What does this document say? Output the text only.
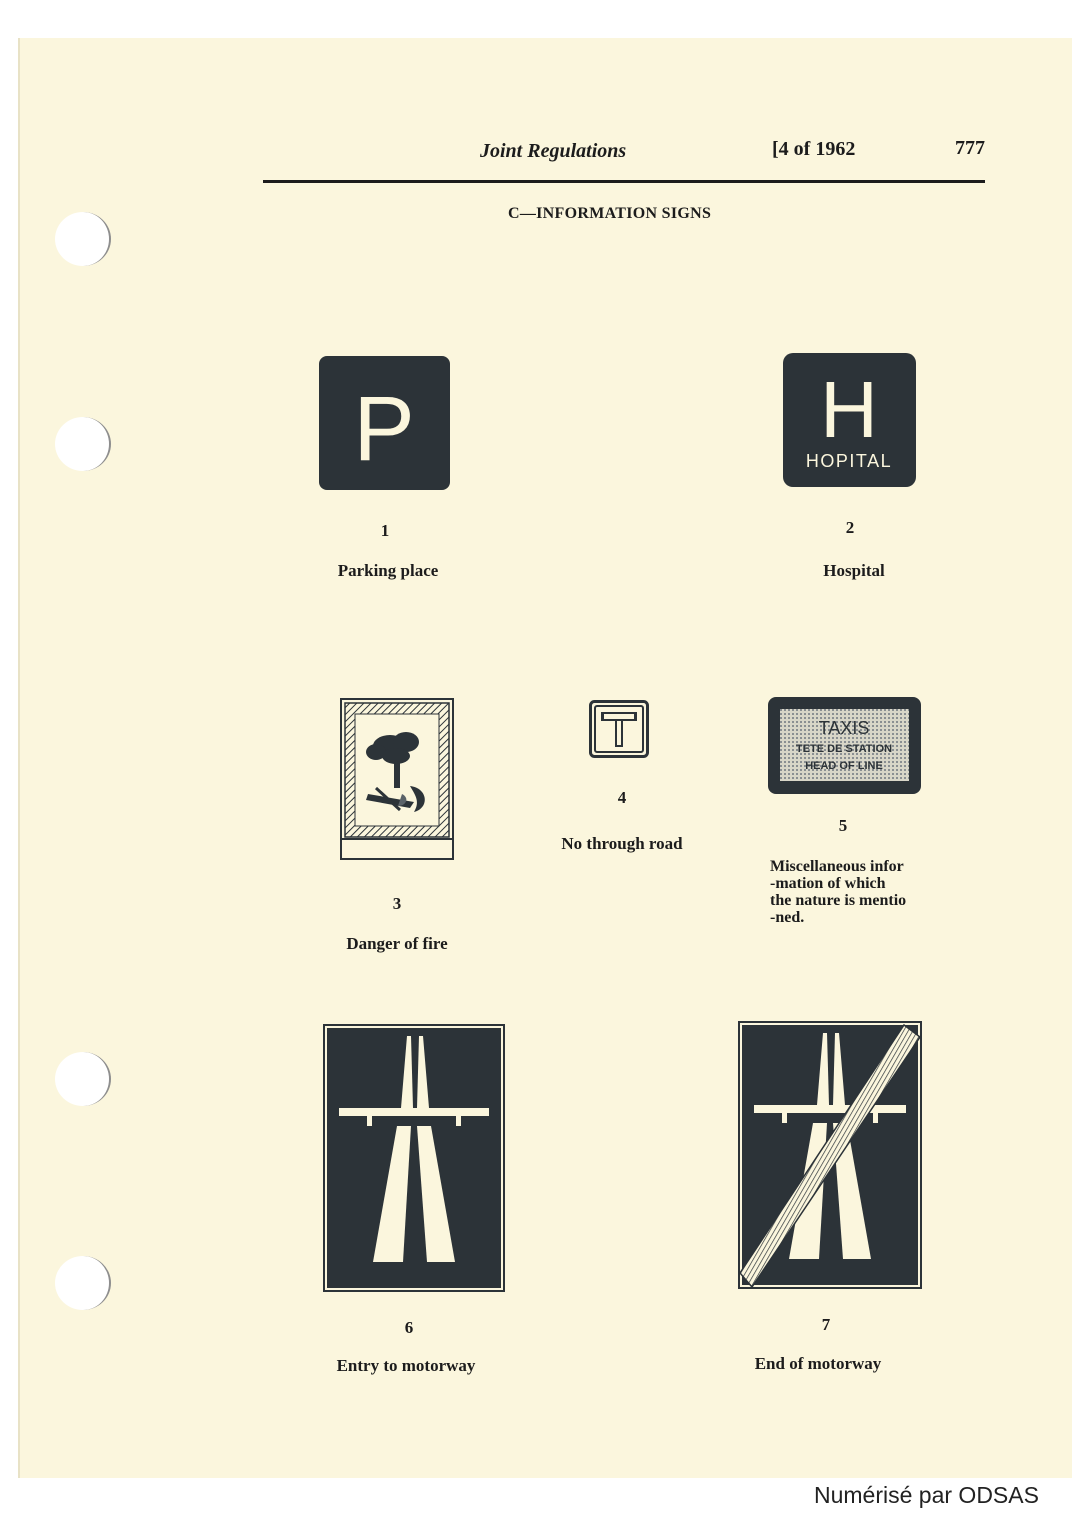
Joint Regulations	[4 of 1962	777
C—INFORMATION SIGNS
P
1
Parking place
H
HOPITAL
2
Hospital
3
Danger of fire
4
No through road
TAXIS
TETE DE STATION
HEAD OF LINE
5
Miscellaneous infor
-mation of which
the nature is mentio
-ned.
6
Entry to motorway
7
End of motorway
Numérisé par ODSAS
